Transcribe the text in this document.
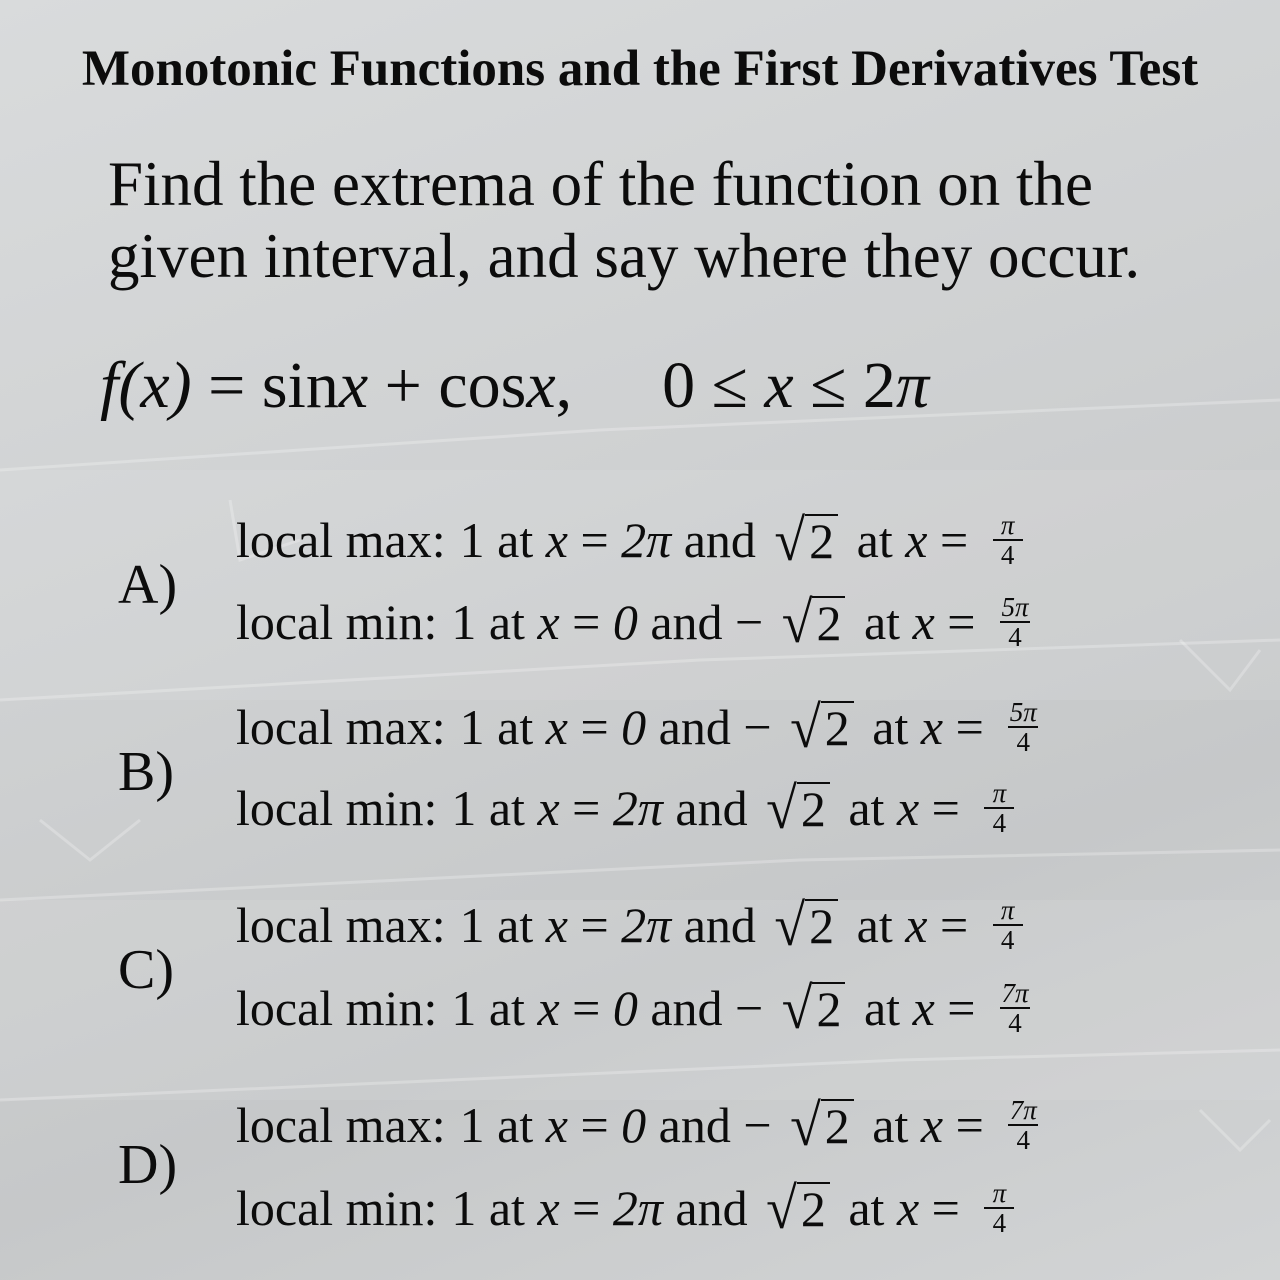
Monotonic Functions and the First Derivatives Test
Find the extrema of the function on the given interval, and say where they occur.
f(x) = sinx + cosx, 0 ≤ x ≤ 2π
A)
local max: 1 at x = 2π and √ 2 at $x = \frac{\pi}{4}$
local min: 1 at x = 0 and − √ 2 at $x = \frac{5\pi}{4}$
B)
local max: 1 at x = 0 and − √ 2 at $x = \frac{5\pi}{4}$
local min: 1 at x = 2π and √ 2 at $x = \frac{\pi}{4}$
C)
local max: 1 at x = 2π and √ 2 at $x = \frac{\pi}{4}$
local min: 1 at x = 0 and − √ 2 at $x = \frac{7\pi}{4}$
D)
local max: 1 at x = 0 and − √ 2 at $x = \frac{7\pi}{4}$
local min: 1 at x = 2π and √ 2 at $x = \frac{\pi}{4}$
